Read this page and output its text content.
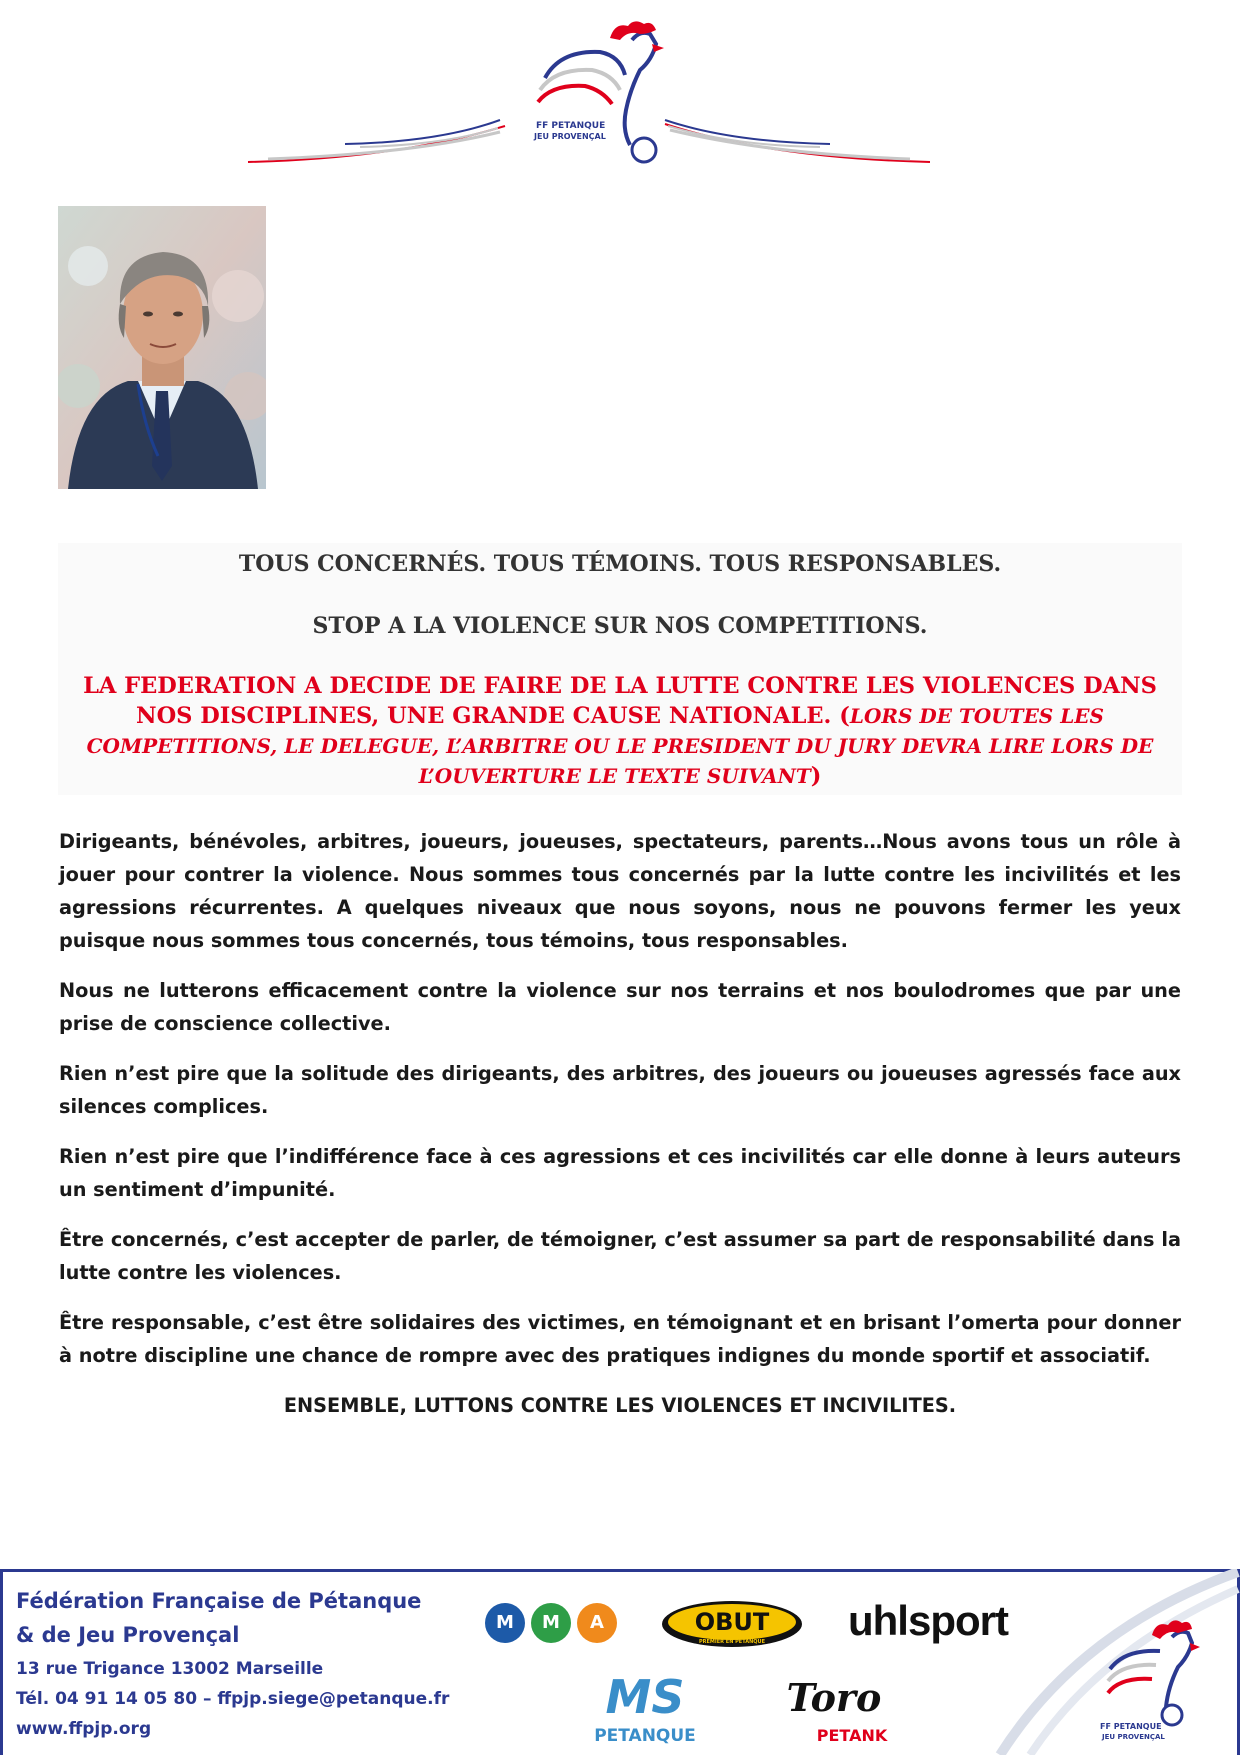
FF PETANQUE
JEU PROVENÇAL
TOUS CONCERNÉS. TOUS TÉMOINS. TOUS RESPONSABLES.
STOP A LA VIOLENCE SUR NOS COMPETITIONS.
LA FEDERATION A DECIDE DE FAIRE DE LA LUTTE CONTRE LES VIOLENCES DANS NOS DISCIPLINES, UNE GRANDE CAUSE NATIONALE. (LORS DE TOUTES LES COMPETITIONS, LE DELEGUE, L’ARBITRE OU LE PRESIDENT DU JURY DEVRA LIRE LORS DE L’OUVERTURE LE TEXTE SUIVANT)

Dirigeants, bénévoles, arbitres, joueurs, joueuses, spectateurs, parents…Nous avons tous un rôle à jouer pour contrer la violence. Nous sommes tous concernés par la lutte contre les incivilités et les agressions récurrentes. A quelques niveaux que nous soyons, nous ne pouvons fermer les yeux puisque nous sommes tous concernés, tous témoins, tous responsables.

Nous ne lutterons efficacement contre la violence sur nos terrains et nos boulodromes que par une prise de conscience collective.

Rien n’est pire que la solitude des dirigeants, des arbitres, des joueurs ou joueuses agressés face aux silences complices.

Rien n’est pire que l’indifférence face à ces agressions et ces incivilités car elle donne à leurs auteurs un sentiment d’impunité.

Être concernés, c’est accepter de parler, de témoigner, c’est assumer sa part de responsabilité dans la lutte contre les violences.

Être responsable, c’est être solidaires des victimes, en témoignant et en brisant l’omerta pour donner à notre discipline une chance de rompre avec des pratiques indignes du monde sportif et associatif.

ENSEMBLE, LUTTONS CONTRE LES VIOLENCES ET INCIVILITES.

Fédération Française de Pétanque
& de Jeu Provençal
13 rue Trigance 13002 Marseille
Tél. 04 91 14 05 80 – ffpjp.siege@petanque.fr
www.ffpjp.org
M M A	OBUT
PREMIER EN PÉTANQUE uhlsport
MS
PETANQUE
Toro
PETANK	FF PETANQUE
JEU PROVENÇAL
